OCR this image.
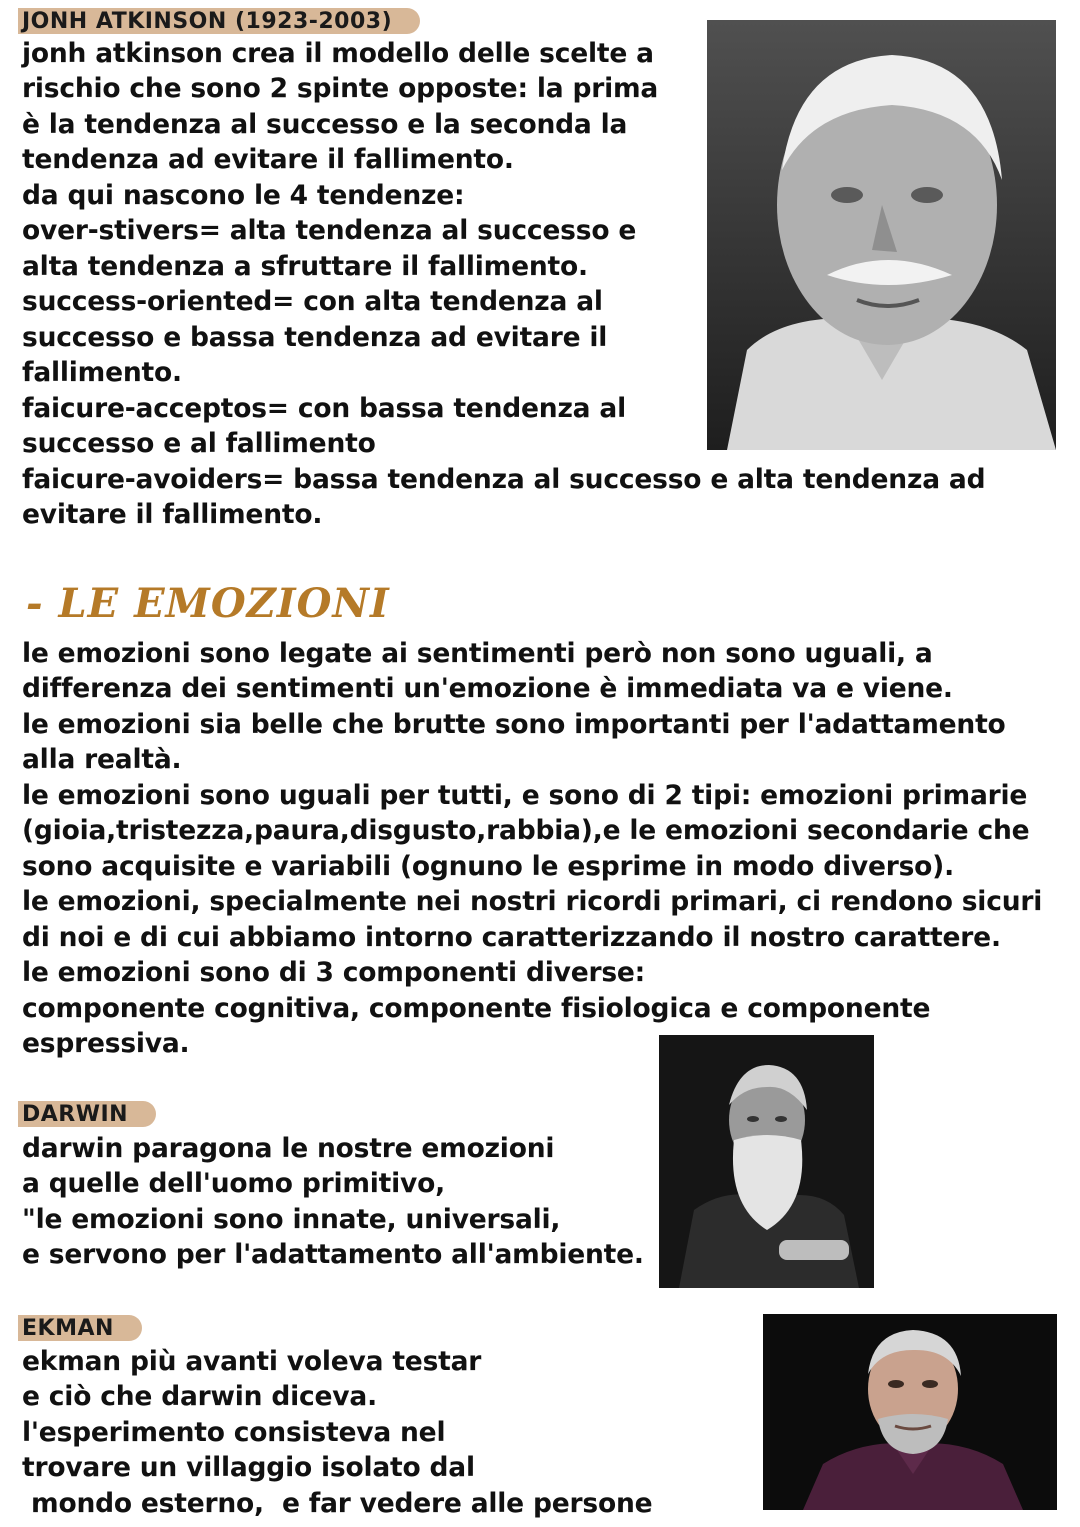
JONH ATKINSON (1923-2003)

jonh atkinson crea il modello delle scelte a

rischio che sono 2 spinte opposte: la prima

è la tendenza al successo e la seconda la

tendenza ad evitare il fallimento.

da qui nascono le 4 tendenze:

over-stivers= alta tendenza al successo e

alta tendenza a sfruttare il fallimento.

success-oriented= con alta tendenza al

successo e bassa tendenza ad evitare il

fallimento.

faicure-acceptos= con bassa tendenza al

successo e al fallimento

faicure-avoiders= bassa tendenza al successo e alta tendenza ad

evitare il fallimento.

- LE EMOZIONI

le emozioni sono legate ai sentimenti però non sono uguali, a

differenza dei sentimenti un'emozione è immediata va e viene.

le emozioni sia belle che brutte sono importanti per l'adattamento

alla realtà.

le emozioni sono uguali per tutti, e sono di 2 tipi: emozioni primarie

(gioia,tristezza,paura,disgusto,rabbia),e le emozioni secondarie che

sono acquisite e variabili (ognuno le esprime in modo diverso).

le emozioni, specialmente nei nostri ricordi primari, ci rendono sicuri

di noi e di cui abbiamo intorno caratterizzando il nostro carattere.

le emozioni sono di 3 componenti diverse:

componente cognitiva, componente fisiologica e componente

espressiva.

DARWIN

darwin paragona le nostre emozioni

a quelle dell'uomo primitivo,

"le emozioni sono innate, universali,

e servono per l'adattamento all'ambiente.

EKMAN

ekman più avanti voleva testar

e ciò che darwin diceva.

l'esperimento consisteva nel

trovare un villaggio isolato dal

mondo esterno,  e far vedere alle persone
